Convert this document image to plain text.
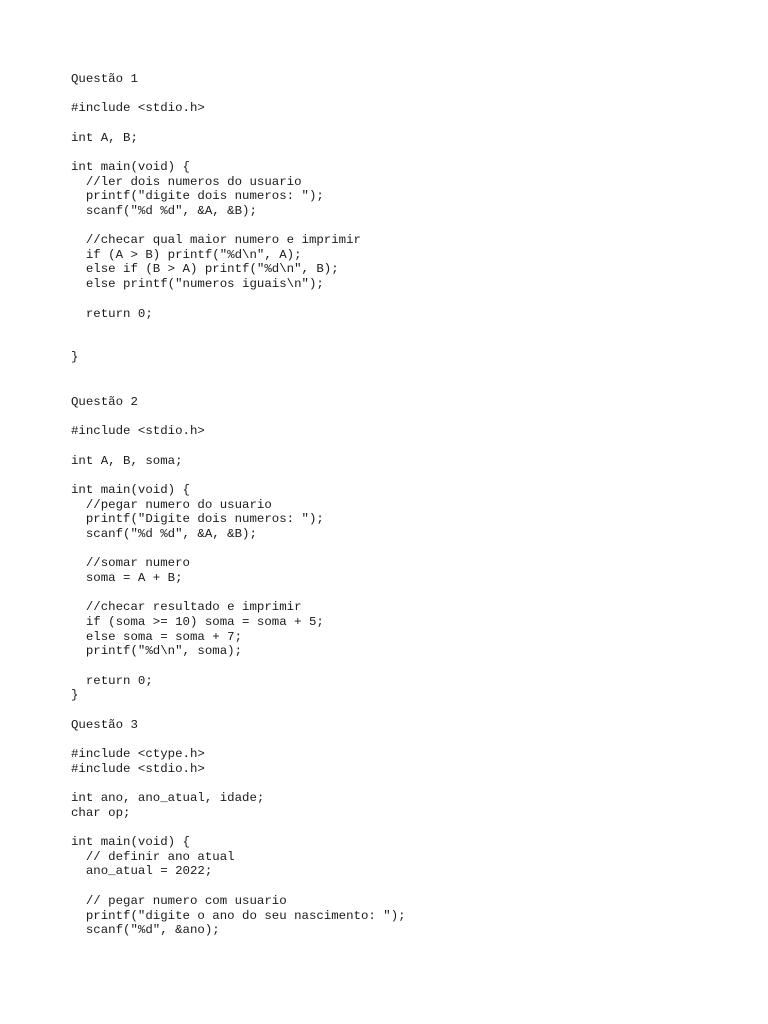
Questão 1

#include <stdio.h>

int A, B;

int main(void) {

//ler dois numeros do usuario

printf("digite dois numeros: ");

scanf("%d %d", &A, &B);

//checar qual maior numero e imprimir

if (A > B) printf("%d\n", A);

else if (B > A) printf("%d\n", B);

else printf("numeros iguais\n");

return 0;

}

Questão 2

#include <stdio.h>

int A, B, soma;

int main(void) {

//pegar numero do usuario

printf("Digite dois numeros: ");

scanf("%d %d", &A, &B);

//somar numero

soma = A + B;

//checar resultado e imprimir

if (soma >= 10) soma = soma + 5;

else soma = soma + 7;

printf("%d\n", soma);

return 0;

}

Questão 3

#include <ctype.h>

#include <stdio.h>

int ano, ano_atual, idade;

char op;

int main(void) {

// definir ano atual

ano_atual = 2022;

// pegar numero com usuario

printf("digite o ano do seu nascimento: ");

scanf("%d", &ano);
